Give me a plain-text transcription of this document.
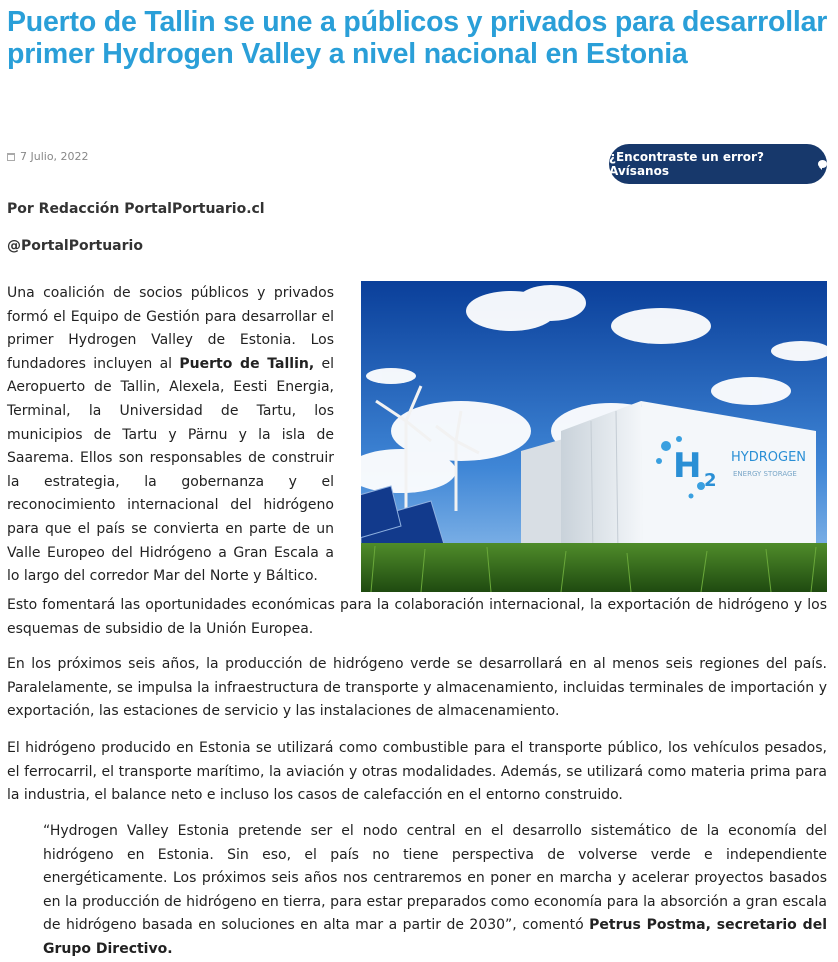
Puerto de Tallin se une a públicos y privados para desarrollar primer Hydrogen Valley a nivel nacional en Estonia
7 Julio, 2022	¿Encontraste un error? Avísanos
Por Redacción PortalPortuario.cl
@PortalPortuario

Una coalición de socios públicos y privados formó el Equipo de Gestión para desarrollar el primer Hydrogen Valley de Estonia. Los fundadores incluyen al Puerto de Tallin, el Aeropuerto de Tallin, Alexela, Eesti Energia, Terminal, la Universidad de Tartu, los municipios de Tartu y Pärnu y la isla de Saarema. Ellos son responsables de construir la estrategia, la gobernanza y el reconocimiento internacional del hidrógeno para que el país se convierta en parte de un Valle Europeo del Hidrógeno a Gran Escala a lo largo del corredor Mar del Norte y Báltico.

H 2
HYDROGEN
ENERGY STORAGE

Esto fomentará las oportunidades económicas para la colaboración internacional, la exportación de hidrógeno y los esquemas de subsidio de la Unión Europea.

En los próximos seis años, la producción de hidrógeno verde se desarrollará en al menos seis regiones del país. Paralelamente, se impulsa la infraestructura de transporte y almacenamiento, incluidas terminales de importación y exportación, las estaciones de servicio y las instalaciones de almacenamiento.

El hidrógeno producido en Estonia se utilizará como combustible para el transporte público, los vehículos pesados, el ferrocarril, el transporte marítimo, la aviación y otras modalidades. Además, se utilizará como materia prima para la industria, el balance neto e incluso los casos de calefacción en el entorno construido.

“Hydrogen Valley Estonia pretende ser el nodo central en el desarrollo sistemático de la economía del hidrógeno en Estonia. Sin eso, el país no tiene perspectiva de volverse verde e independiente energéticamente. Los próximos seis años nos centraremos en poner en marcha y acelerar proyectos basados en la producción de hidrógeno en tierra, para estar preparados como economía para la absorción a gran escala de hidrógeno basada en soluciones en alta mar a partir de 2030”, comentó Petrus Postma, secretario del Grupo Directivo.
